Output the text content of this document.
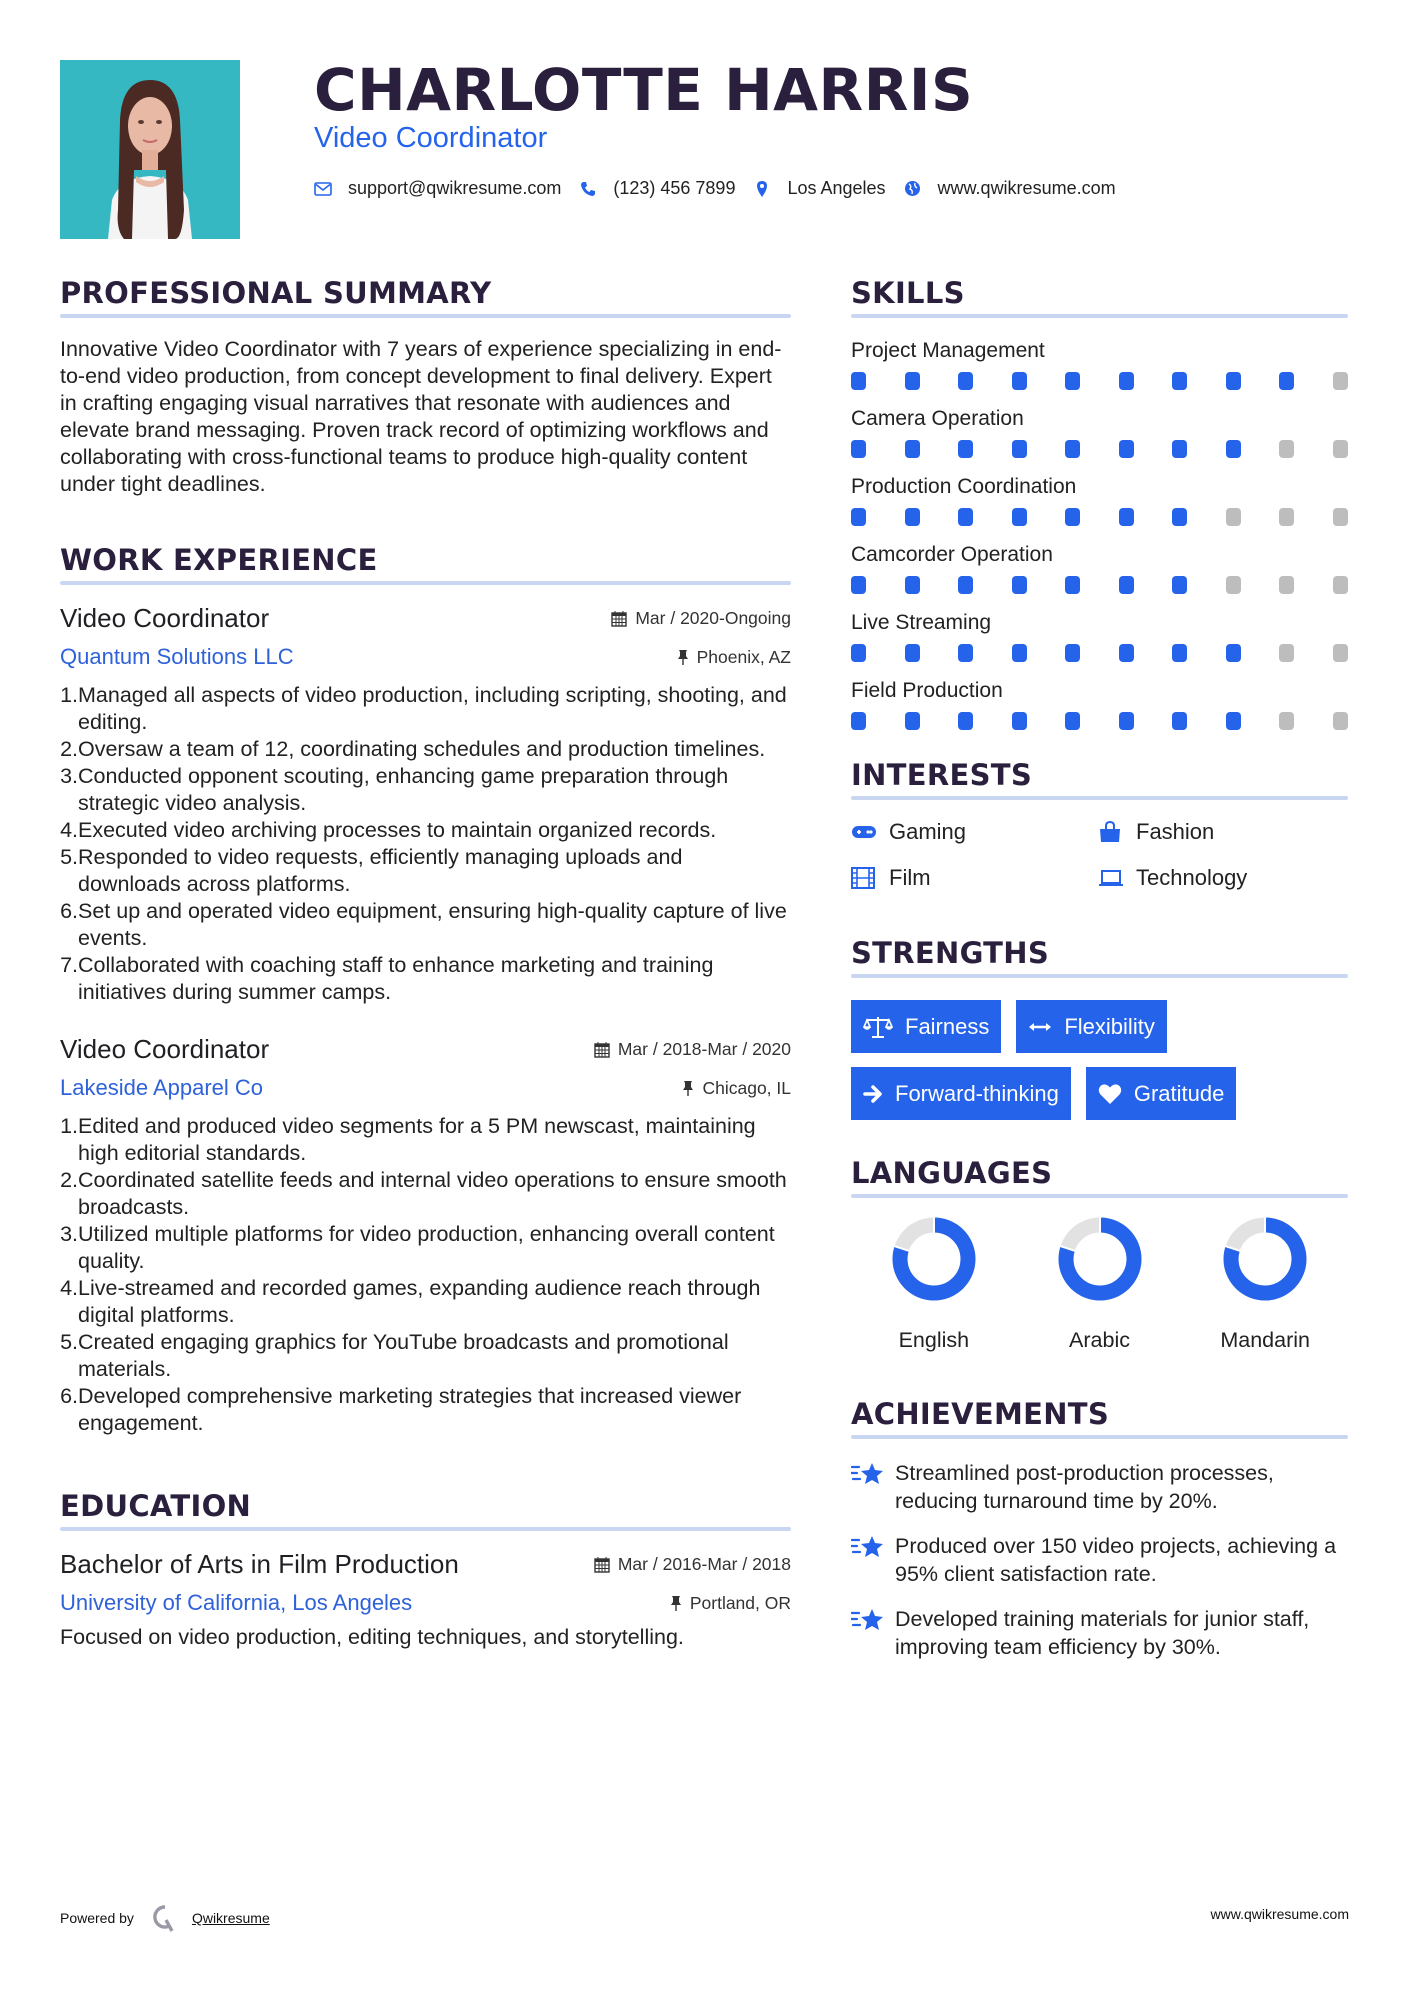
CHARLOTTE HARRIS
Video Coordinator
support@qwikresume.com	(123) 456 7899	Los Angeles	www.qwikresume.com
PROFESSIONAL SUMMARY

Innovative Video Coordinator with 7 years of experience specializing in end-to-end video production, from concept development to final delivery. Expert in crafting engaging visual narratives that resonate with audiences and elevate brand messaging. Proven track record of optimizing workflows and collaborating with cross-functional teams to produce high-quality content under tight deadlines.

WORK EXPERIENCE
Video Coordinator	Mar / 2020-Ongoing
Quantum Solutions LLC	Phoenix, AZ
1. Managed all aspects of video production, including scripting, shooting, and editing.
2. Oversaw a team of 12, coordinating schedules and production timelines.
3. Conducted opponent scouting, enhancing game preparation through strategic video analysis.
4. Executed video archiving processes to maintain organized records.
5. Responded to video requests, efficiently managing uploads and downloads across platforms.
6. Set up and operated video equipment, ensuring high-quality capture of live events.
7. Collaborated with coaching staff to enhance marketing and training initiatives during summer camps.
Video Coordinator	Mar / 2018-Mar / 2020
Lakeside Apparel Co	Chicago, IL
1. Edited and produced video segments for a 5 PM newscast, maintaining high editorial standards.
2. Coordinated satellite feeds and internal video operations to ensure smooth broadcasts.
3. Utilized multiple platforms for video production, enhancing overall content quality.
4. Live-streamed and recorded games, expanding audience reach through digital platforms.
5. Created engaging graphics for YouTube broadcasts and promotional materials.
6. Developed comprehensive marketing strategies that increased viewer engagement.
EDUCATION
Bachelor of Arts in Film Production	Mar / 2016-Mar / 2018
University of California, Los Angeles	Portland, OR

Focused on video production, editing techniques, and storytelling.

SKILLS
Project Management
Camera Operation
Production Coordination
Camcorder Operation
Live Streaming
Field Production
INTERESTS
Gaming	Fashion
Film	Technology
STRENGTHS
Fairness	Flexibility
Forward-thinking	Gratitude
LANGUAGES
English	Arabic	Mandarin
ACHIEVEMENTS
Streamlined post-production processes, reducing turnaround time by 20%.
Produced over 150 video projects, achieving a 95% client satisfaction rate.
Developed training materials for junior staff, improving team efficiency by 30%.
Powered by	Qwikresume	www.qwikresume.com
